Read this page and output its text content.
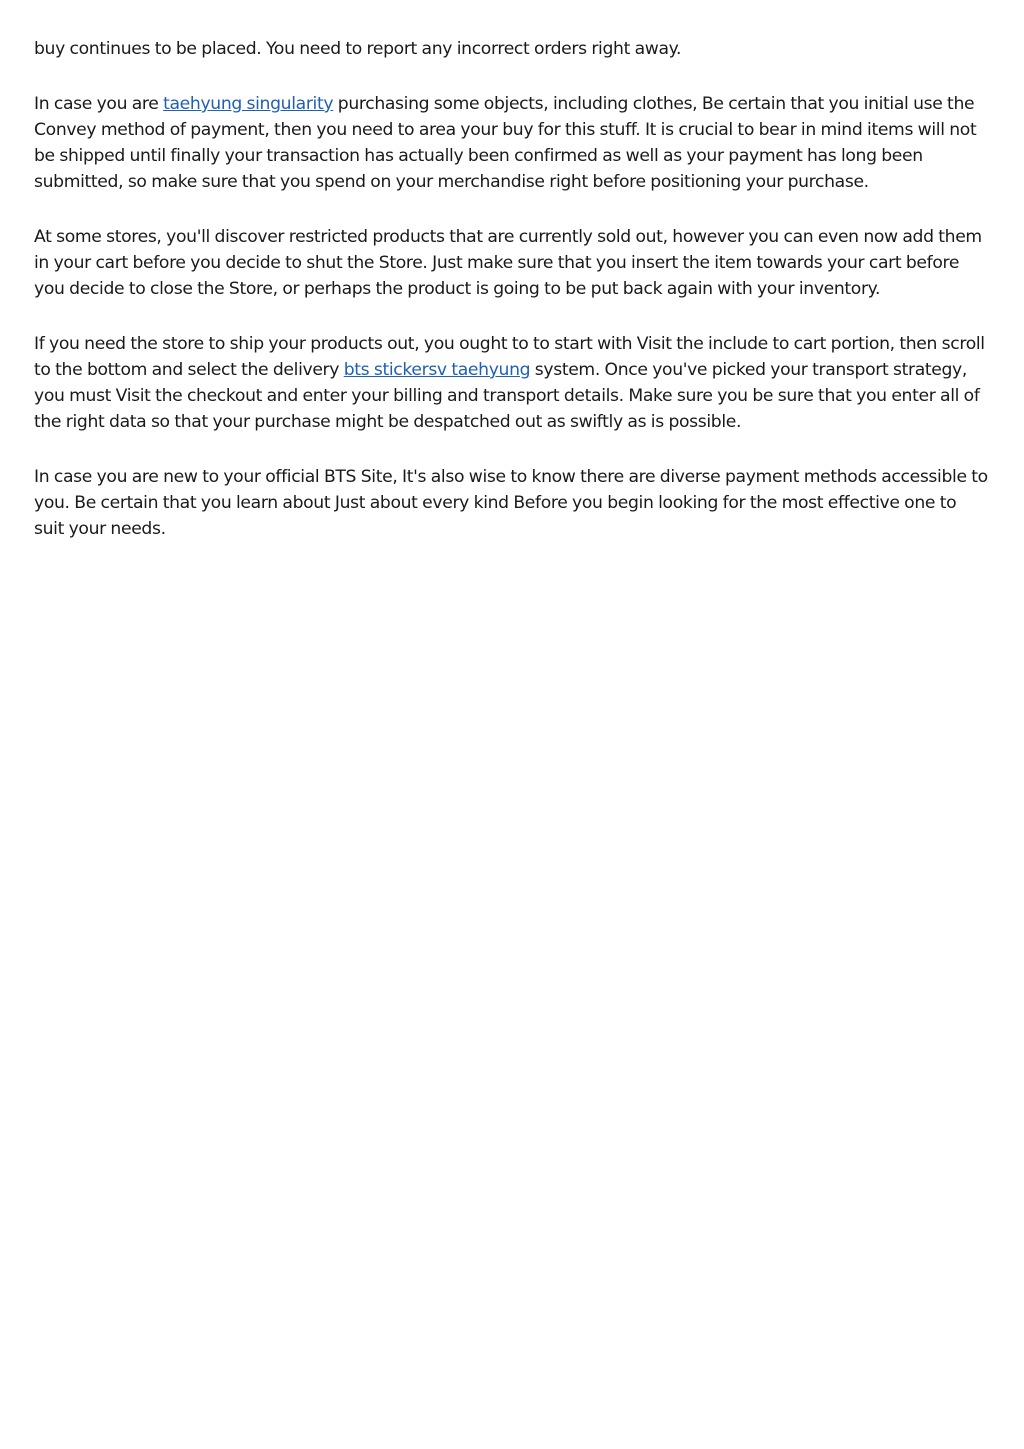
buy continues to be placed. You need to report any incorrect orders right away.

In case you are taehyung singularity purchasing some objects, including clothes, Be certain that you initial use the Convey method of payment, then you need to area your buy for this stuff. It is crucial to bear in mind items will not be shipped until finally your transaction has actually been confirmed as well as your payment has long been submitted, so make sure that you spend on your merchandise right before positioning your purchase.

At some stores, you'll discover restricted products that are currently sold out, however you can even now add them in your cart before you decide to shut the Store. Just make sure that you insert the item towards your cart before you decide to close the Store, or perhaps the product is going to be put back again with your inventory.

If you need the store to ship your products out, you ought to to start with Visit the include to cart portion, then scroll to the bottom and select the delivery bts stickersv taehyung system. Once you've picked your transport strategy, you must Visit the checkout and enter your billing and transport details. Make sure you be sure that you enter all of the right data so that your purchase might be despatched out as swiftly as is possible.

In case you are new to your official BTS Site, It's also wise to know there are diverse payment methods accessible to you. Be certain that you learn about Just about every kind Before you begin looking for the most effective one to suit your needs.
